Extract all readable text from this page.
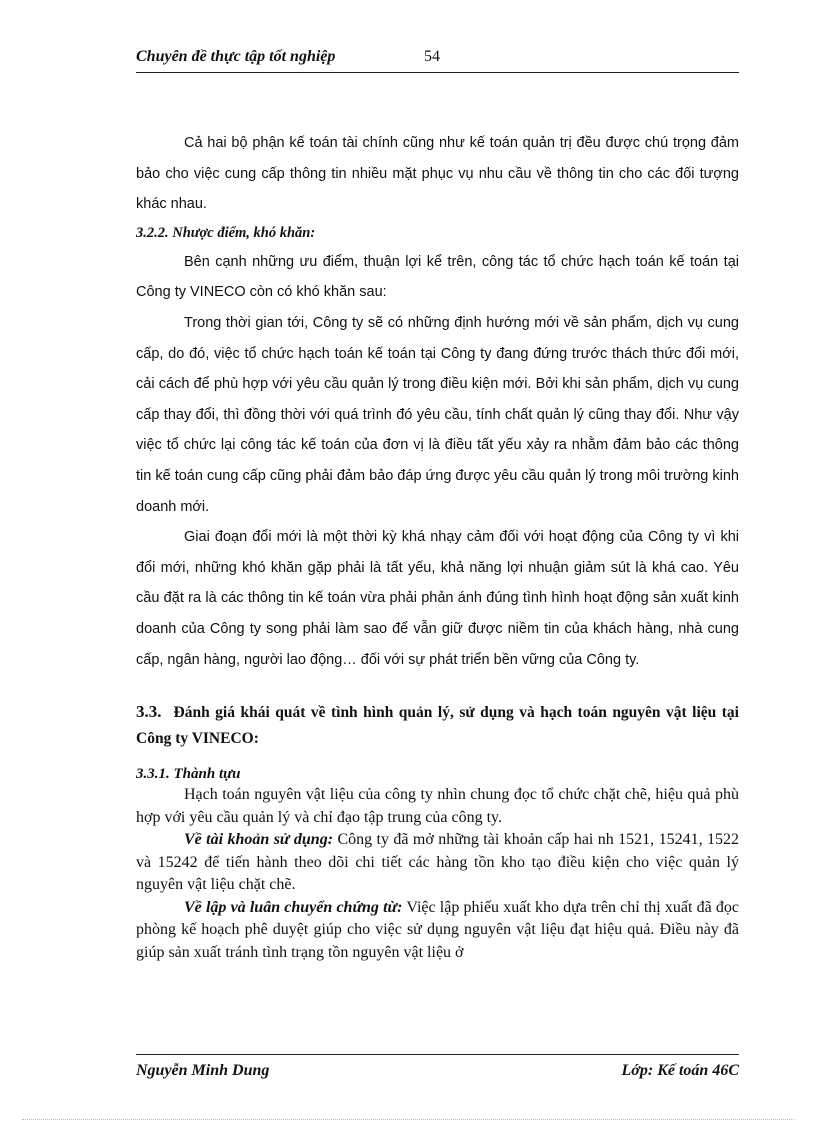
Chuyên đề thực tập tốt nghiệp	54

Cả hai bộ phận kế toán tài chính cũng như kế toán quản trị đều được chú trọng đảm bảo cho việc cung cấp thông tin nhiều mặt phục vụ nhu cầu về thông tin cho các đối tượng khác nhau.

3.2.2. Nhược điểm, khó khăn:

Bên cạnh những ưu điểm, thuận lợi kể trên, công tác tổ chức hạch toán kế toán tại Công ty VINECO còn có khó khăn sau:

Trong thời gian tới, Công ty sẽ có những định hướng mới về sản phẩm, dịch vụ cung cấp, do đó, việc tổ chức hạch toán kế toán tại Công ty đang đứng trước thách thức đổi mới, cải cách để phù hợp với yêu cầu quản lý trong điều kiện mới. Bởi khi sản phẩm, dịch vụ cung cấp thay đổi, thì đồng thời với quá trình đó yêu cầu, tính chất quản lý cũng thay đổi. Như vậy việc tổ chức lại công tác kế toán của đơn vị là điều tất yếu xảy ra nhằm đảm bảo các thông tin kế toán cung cấp cũng phải đảm bảo đáp ứng được yêu cầu quản lý trong môi trường kinh doanh mới.

Giai đoạn đổi mới là một thời kỳ khá nhạy cảm đối với hoạt động của Công ty vì khi đổi mới, những khó khăn gặp phải là tất yếu, khả năng lợi nhuận giảm sút là khá cao. Yêu cầu đặt ra là các thông tin kế toán vừa phải phản ánh đúng tình hình hoạt động sản xuất kinh doanh của Công ty song phải làm sao để vẫn giữ được niềm tin của khách hàng, nhà cung cấp, ngân hàng, người lao động… đối với sự phát triển bền vững của Công ty.

3.3. Đánh giá khái quát về tình hình quản lý, sử dụng và hạch toán nguyên vật liệu tại Công ty VINECO:

3.3.1. Thành tựu

Hạch toán nguyên vật liệu của công ty nhìn chung đọc tổ chức chặt chẽ, hiệu quả phù hợp với yêu cầu quản lý và chỉ đạo tập trung của công ty.

Về tài khoản sử dụng: Công ty đã mở những tài khoản cấp hai nh 1521, 15241, 1522 và 15242 để tiến hành theo dõi chi tiết các hàng tồn kho tạo điều kiện cho việc quản lý nguyên vật liệu chặt chẽ.

Về lập và luân chuyển chứng từ: Việc lập phiếu xuất kho dựa trên chỉ thị xuất đã đọc phòng kế hoạch phê duyệt giúp cho việc sử dụng nguyên vật liệu đạt hiệu quả. Điều này đã giúp sản xuất tránh tình trạng tồn nguyên vật liệu ở

Nguyễn Minh Dung	Lớp: Kế toán 46C
